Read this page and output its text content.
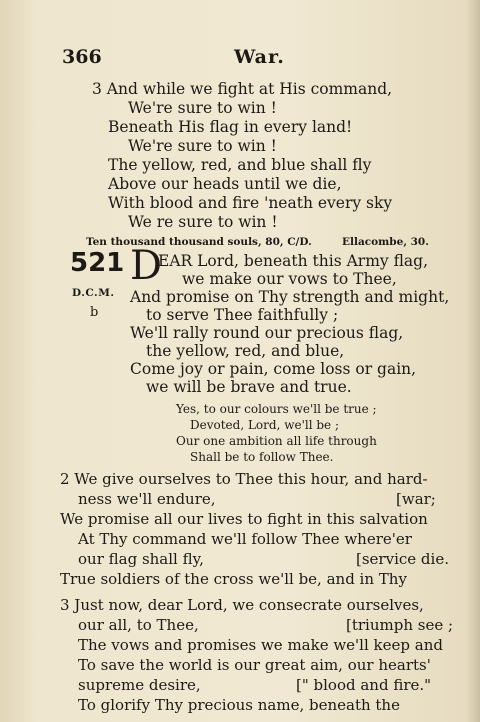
366	War.
3 And while we fight at His command,
We're sure to win !
Beneath His flag in every land!
We're sure to win !
The yellow, red, and blue shall fly
Above our heads until we die,
With blood and fire 'neath every sky
We re sure to win !
Ten thousand thousand souls, 80, C/D.	Ellacombe, 30.
521 D
D.C.M.
b
EAR Lord, beneath this Army flag,
we make our vows to Thee,
And promise on Thy strength and might,
to serve Thee faithfully ;
We'll rally round our precious flag,
the yellow, red, and blue,
Come joy or pain, come loss or gain,
we will be brave and true.
Yes, to our colours we'll be true ;
Devoted, Lord, we'll be ;
Our one ambition all life through
Shall be to follow Thee.
2 We give ourselves to Thee this hour, and hard-
ness we'll endure,	[war;
We promise all our lives to fight in this salvation
At Thy command we'll follow Thee where'er
our flag shall fly,	[service die.
True soldiers of the cross we'll be, and in Thy
3 Just now, dear Lord, we consecrate ourselves,
our all, to Thee,	[triumph see ;
The vows and promises we make we'll keep and
To save the world is our great aim, our hearts'
supreme desire,	[" blood and fire."
To glorify Thy precious name, beneath the
